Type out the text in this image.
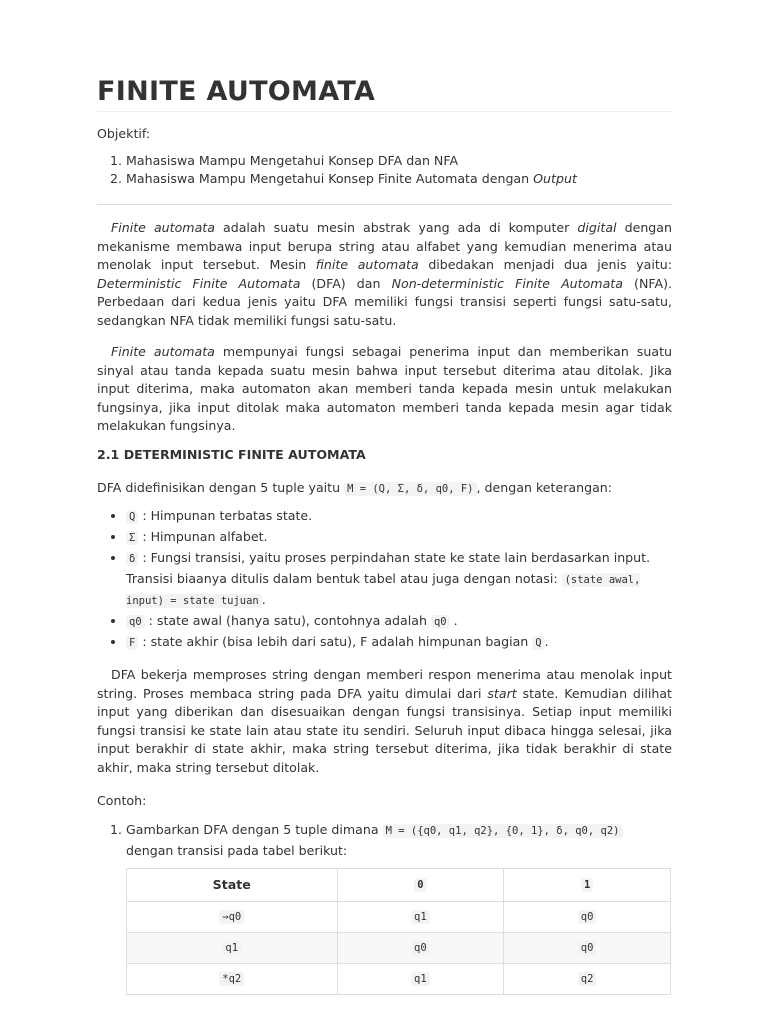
FINITE AUTOMATA
Objektif:
1. Mahasiswa Mampu Mengetahui Konsep DFA dan NFA
2. Mahasiswa Mampu Mengetahui Konsep Finite Automata dengan Output

Finite automata adalah suatu mesin abstrak yang ada di komputer digital dengan mekanisme membawa input berupa string atau alfabet yang kemudian menerima atau menolak input tersebut. Mesin finite automata dibedakan menjadi dua jenis yaitu: Deterministic Finite Automata (DFA) dan Non-deterministic Finite Automata (NFA). Perbedaan dari kedua jenis yaitu DFA memiliki fungsi transisi seperti fungsi satu-satu, sedangkan NFA tidak memiliki fungsi satu-satu.

Finite automata mempunyai fungsi sebagai penerima input dan memberikan suatu sinyal atau tanda kepada suatu mesin bahwa input tersebut diterima atau ditolak. Jika input diterima, maka automaton akan memberi tanda kepada mesin untuk melakukan fungsinya, jika input ditolak maka automaton memberi tanda kepada mesin agar tidak melakukan fungsinya.

2.1 DETERMINISTIC FINITE AUTOMATA

DFA didefinisikan dengan 5 tuple yaitu M = (Q, Σ, δ, q0, F) , dengan keterangan:

• Q : Himpunan terbatas state.
• Σ : Himpunan alfabet.
• δ : Fungsi transisi, yaitu proses perpindahan state ke state lain berdasarkan input.
Transisi biaanya ditulis dalam bentuk tabel atau juga dengan notasi: (state awal, input) = state tujuan .
• q0 : state awal (hanya satu), contohnya adalah q0 .
• F : state akhir (bisa lebih dari satu), F adalah himpunan bagian Q .

DFA bekerja memproses string dengan memberi respon menerima atau menolak input string. Proses membaca string pada DFA yaitu dimulai dari start state. Kemudian dilihat input yang diberikan dan disesuaikan dengan fungsi transisinya. Setiap input memiliki fungsi transisi ke state lain atau state itu sendiri. Seluruh input dibaca hingga selesai, jika input berakhir di state akhir, maka string tersebut diterima, jika tidak berakhir di state akhir, maka string tersebut ditolak.

Contoh:

1. Gambarkan DFA dengan 5 tuple dimana M = ({q0, q1, q2}, {0, 1}, δ, q0, q2) dengan transisi pada tabel berikut:
State	0	1
→q0	q1	q0
q1	q0	q0
*q2	q1	q2
